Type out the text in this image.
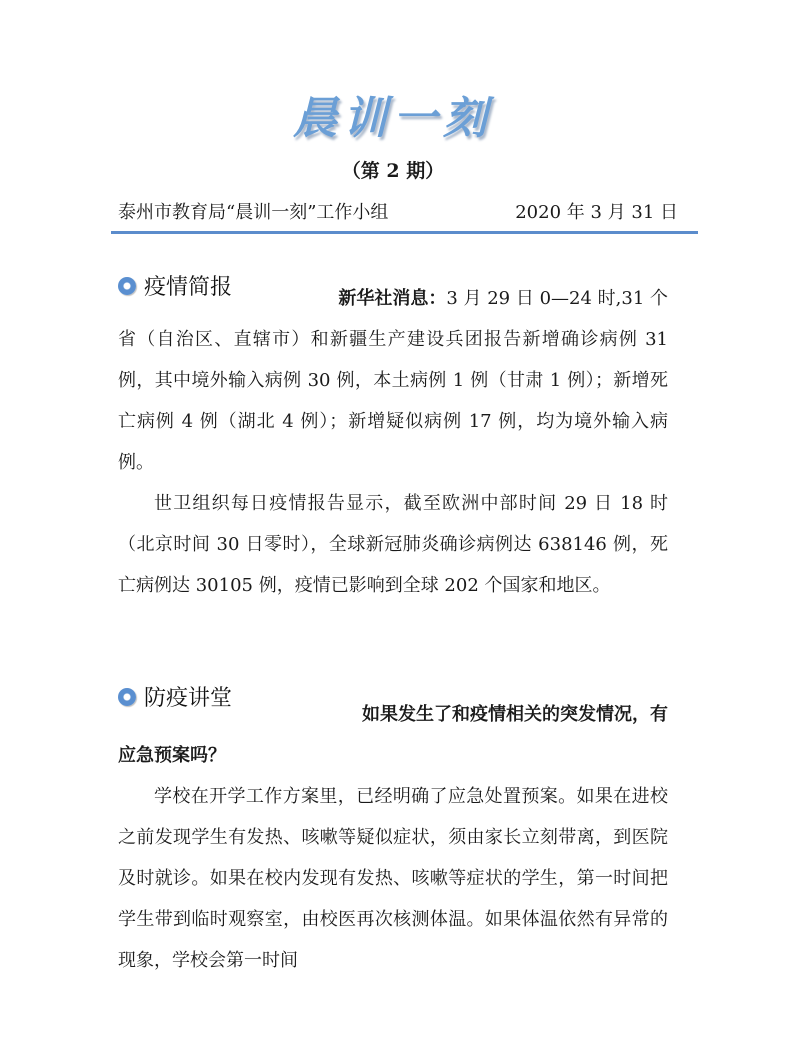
晨训一刻
（第 2 期）
泰州市教育局“晨训一刻”工作小组	2020 年 3 月 31 日
疫情简报	新华社消息：3 月 29 日 0—24 时,31 个
省（自治区、直辖市）和新疆生产建设兵团报告新增确诊病例 31 例，其中境外输入病例 30 例，本土病例 1 例（甘肃 1 例）；新增死亡病例 4 例（湖北 4 例）；新增疑似病例 17 例，均为境外输入病例。
世卫组织每日疫情报告显示，截至欧洲中部时间 29 日 18 时（北京时间 30 日零时），全球新冠肺炎确诊病例达 638146 例，死亡病例达 30105 例，疫情已影响到全球 202 个国家和地区。
防疫讲堂
如果发生了和疫情相关的突发情况，有
应急预案吗？
学校在开学工作方案里，已经明确了应急处置预案。如果在进校之前发现学生有发热、咳嗽等疑似症状，须由家长立刻带离，到医院及时就诊。如果在校内发现有发热、咳嗽等症状的学生，第一时间把学生带到临时观察室，由校医再次核测体温。如果体温依然有异常的现象，学校会第一时间
